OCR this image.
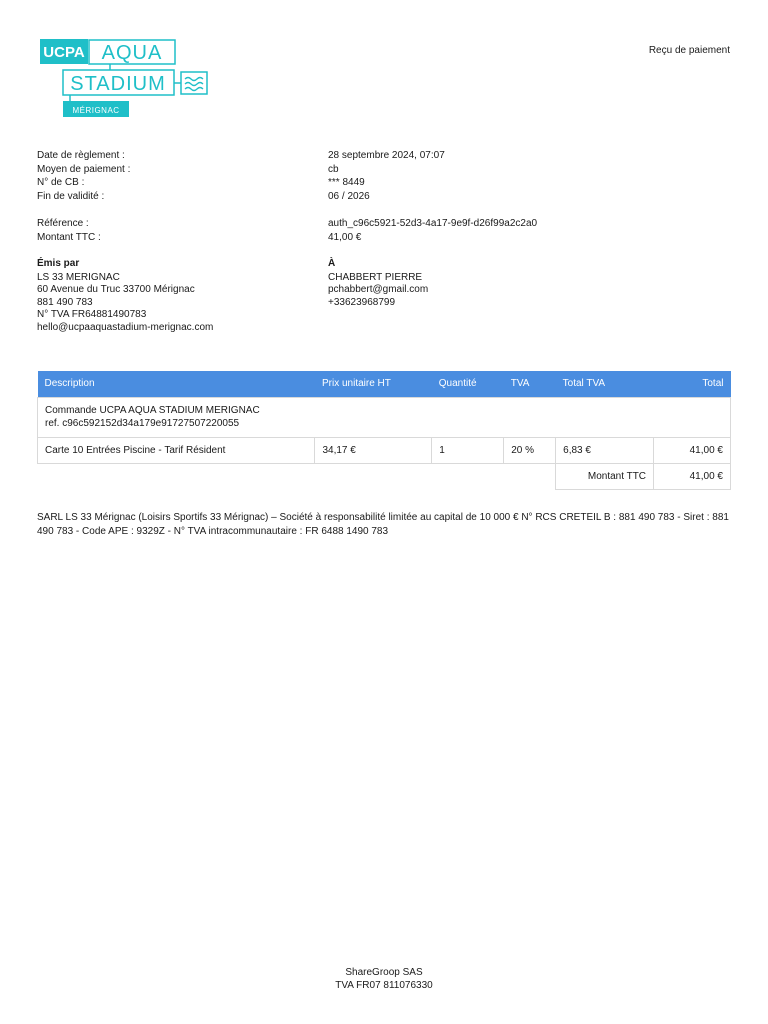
UCPA AQUA
STADIUM
MÉRIGNAC
Reçu de paiement
Date de règlement :	28 septembre 2024, 07:07
Moyen de paiement :	cb
N° de CB :	*** 8449
Fin de validité :	06 / 2026
Référence :	auth_c96c5921-52d3-4a17-9e9f-d26f99a2c2a0
Montant TTC :	41,00 €
Émis par
LS 33 MERIGNAC
60 Avenue du Truc 33700 Mérignac
881 490 783
N° TVA FR64881490783
hello@ucpaaquastadium-merignac.com
À
CHABBERT PIERRE
pchabbert@gmail.com
+33623968799
Description	Prix unitaire HT	Quantité	TVA	Total TVA	Total

Commande UCPA AQUA STADIUM MERIGNAC
ref. c96c592152d34a179e91727507220055					

Carte 10 Entrées Piscine - Tarif Résident	34,17 €	1	20 %	6,83 €	41,00 €
				Montant TTC	41,00 €
SARL LS 33 Mérignac (Loisirs Sportifs 33 Mérignac) – Société à responsabilité limitée au capital de 10 000 € N° RCS CRETEIL B : 881 490 783 - Siret : 881 490 783 - Code APE : 9329Z - N° TVA intracommunautaire : FR 6488 1490 783
ShareGroop SAS
TVA FR07 811076330
